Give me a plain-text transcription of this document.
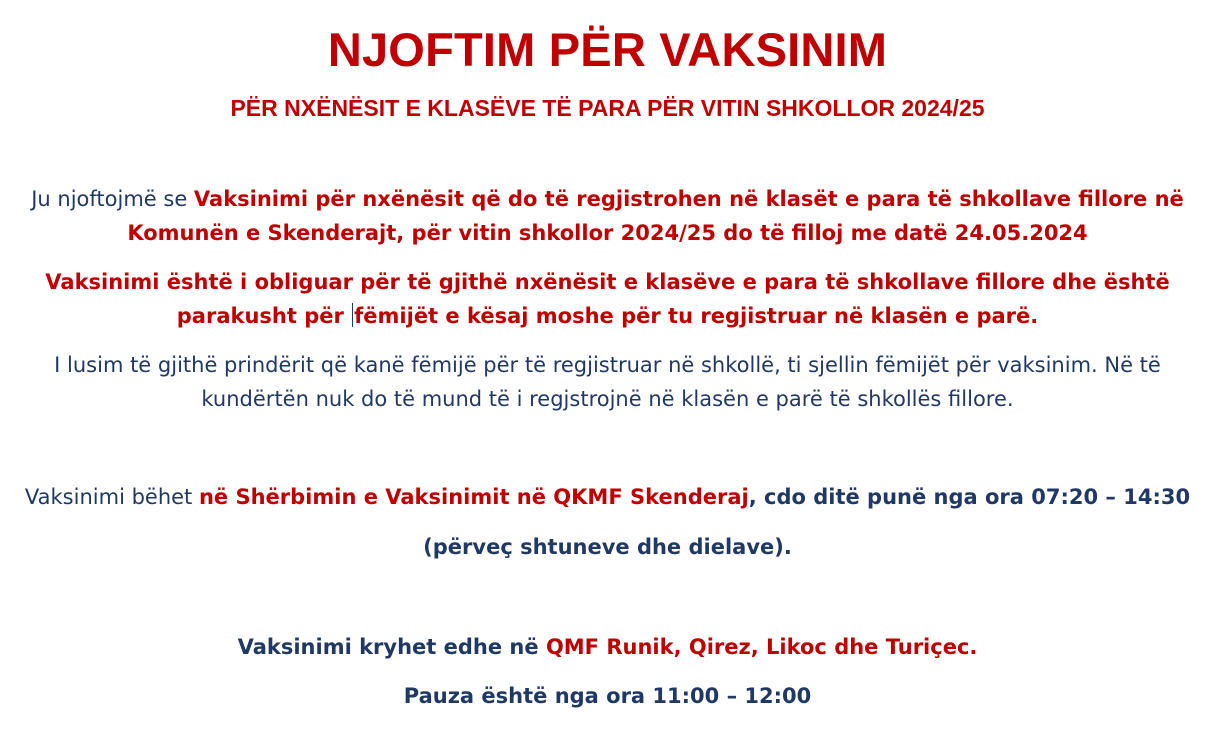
NJOFTIM PËR VAKSINIM
PËR NXËNËSIT E KLASËVE TË PARA PËR VITIN SHKOLLOR 2024/25
Ju njoftojmë se Vaksinimi për nxënësit që do të regjistrohen në klasët e para të shkollave fillore në
Komunën e Skenderajt, për vitin shkollor 2024/25 do të filloj me datë 24.05.2024
Vaksinimi është i obliguar për të gjithë nxënësit e klasëve e para të shkollave fillore dhe është
parakusht për fëmijët e kësaj moshe për tu regjistruar në klasën e parë.
I lusim të gjithë prindërit që kanë fëmijë për të regjistruar në shkollë, ti sjellin fëmijët për vaksinim. Në të
kundërtën nuk do të mund të i regjstrojnë në klasën e parë të shkollës fillore.
Vaksinimi bëhet në Shërbimin e Vaksinimit në QKMF Skenderaj, cdo ditë punë nga ora 07:20 – 14:30
(përveç shtuneve dhe dielave).
Vaksinimi kryhet edhe në QMF Runik, Qirez, Likoc dhe Turiçec.
Pauza është nga ora 11:00 – 12:00
